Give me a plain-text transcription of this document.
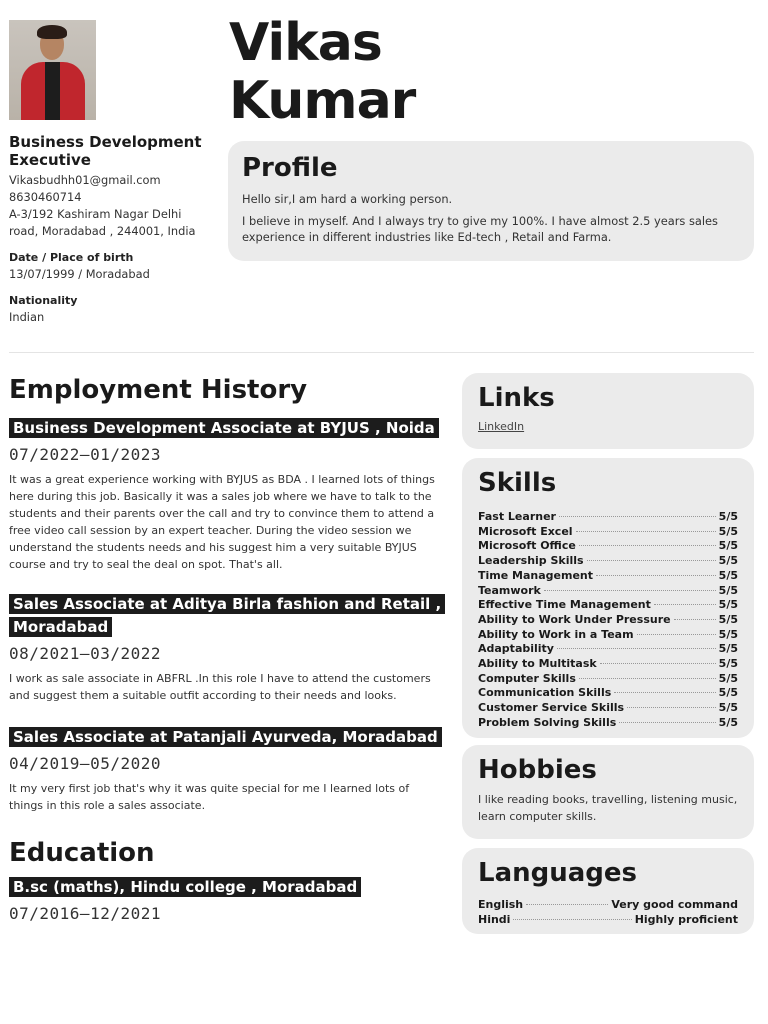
Vikas
Kumar
Business Development Executive
Vikasbudhh01@gmail.com
8630460714
A-3/192 Kashiram Nagar Delhi road, Moradabad , 244001, India
Date / Place of birth
13/07/1999 / Moradabad
Nationality
Indian
Profile

Hello sir,I am hard a working person.

I believe in myself. And I always try to give my 100%. I have almost 2.5 years sales experience in different industries like Ed-tech , Retail and Farma.

Employment History
Business Development Associate at BYJUS , Noida
07/2022—01/2023
It was a great experience working with BYJUS as BDA . I learned lots of things here during this job. Basically it was a sales job where we have to talk to the students and their parents over the call and try to convince them to attend a free video call session by an expert teacher. During the video session we understand the students needs and his suggest him a very suitable BYJUS course and try to seal the deal on spot. That's all.
Sales Associate at Aditya Birla fashion and Retail , Moradabad
08/2021—03/2022
I work as sale associate in ABFRL .In this role I have to attend the customers and suggest them a suitable outfit according to their needs and looks.
Sales Associate at Patanjali Ayurveda, Moradabad
04/2019—05/2020
It my very first job that's why it was quite special for me I learned lots of things in this role a sales associate.
Education
B.sc (maths), Hindu college , Moradabad
07/2016—12/2021
Links
LinkedIn
Skills
Fast Learner	5/5
Microsoft Excel	5/5
Microsoft Office	5/5
Leadership Skills	5/5
Time Management	5/5
Teamwork	5/5
Effective Time Management	5/5
Ability to Work Under Pressure	5/5
Ability to Work in a Team	5/5
Adaptability	5/5
Ability to Multitask	5/5
Computer Skills	5/5
Communication Skills	5/5
Customer Service Skills	5/5
Problem Solving Skills	5/5
Hobbies
I like reading books, travelling, listening music, learn computer skills.
Languages
English	Very good command
Hindi	Highly proficient
